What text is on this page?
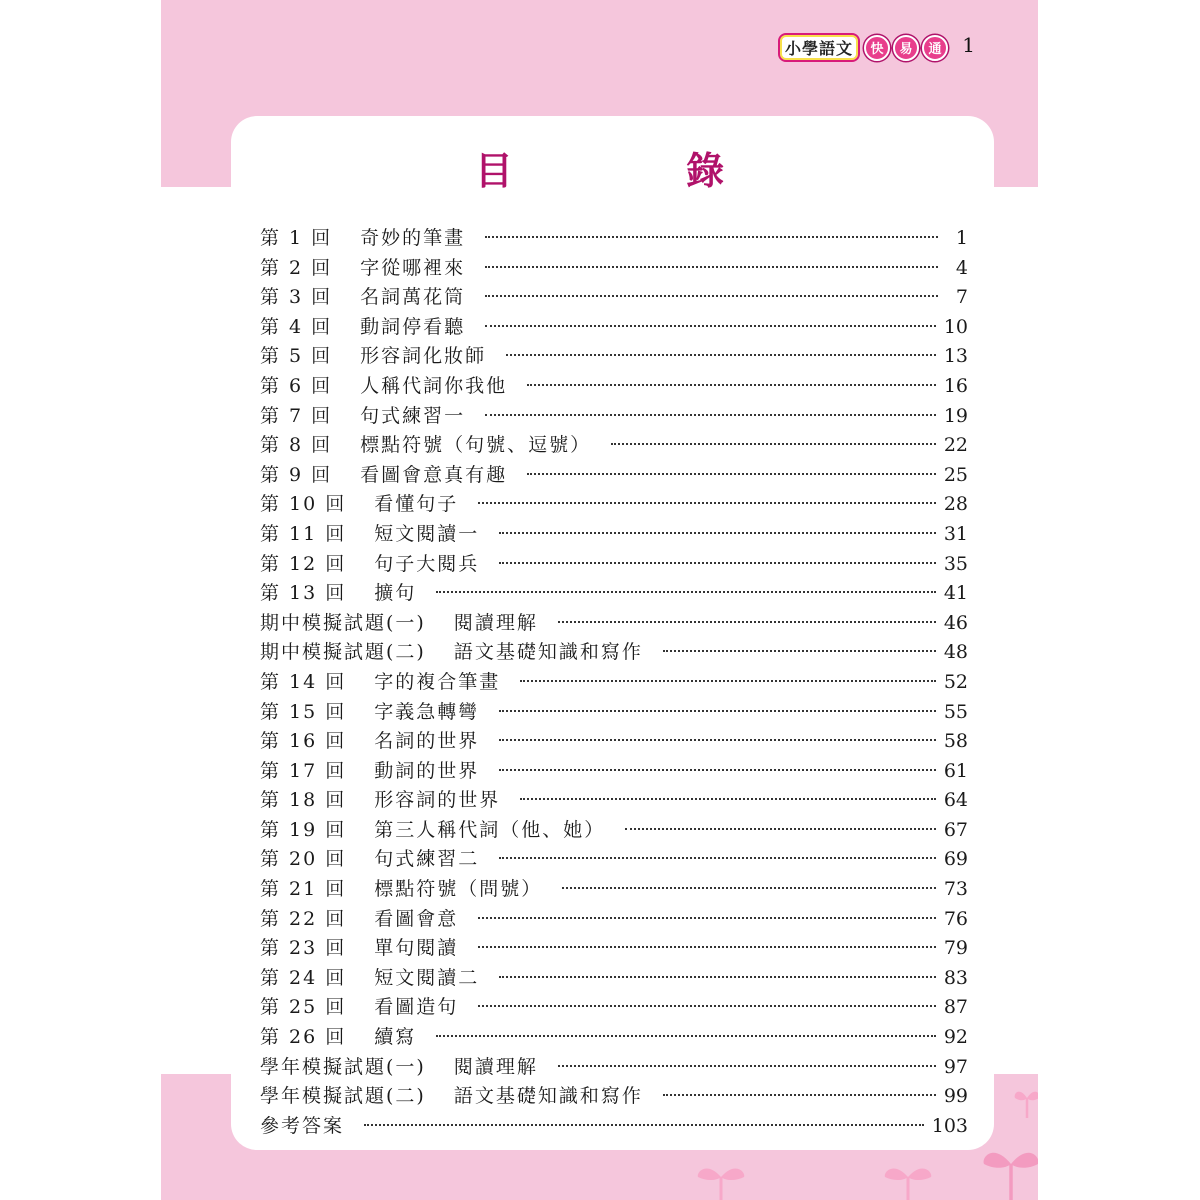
小學語文	快	易	通	1
目 錄
第 1 回 奇妙的筆畫	1
第 2 回 字從哪裡來	4
第 3 回 名詞萬花筒	7
第 4 回 動詞停看聽	10
第 5 回 形容詞化妝師	13
第 6 回 人稱代詞你我他	16
第 7 回 句式練習一	19
第 8 回 標點符號（句號、逗號）	22
第 9 回 看圖會意真有趣	25
第 10 回 看懂句子	28
第 11 回 短文閱讀一	31
第 12 回 句子大閱兵	35
第 13 回 擴句	41
期中模擬試題(一) 閱讀理解	46
期中模擬試題(二) 語文基礎知識和寫作	48
第 14 回 字的複合筆畫	52
第 15 回 字義急轉彎	55
第 16 回 名詞的世界	58
第 17 回 動詞的世界	61
第 18 回 形容詞的世界	64
第 19 回 第三人稱代詞（他、她）	67
第 20 回 句式練習二	69
第 21 回 標點符號（問號）	73
第 22 回 看圖會意	76
第 23 回 單句閱讀	79
第 24 回 短文閱讀二	83
第 25 回 看圖造句	87
第 26 回 續寫	92
學年模擬試題(一) 閱讀理解	97
學年模擬試題(二) 語文基礎知識和寫作	99
參考答案	103
